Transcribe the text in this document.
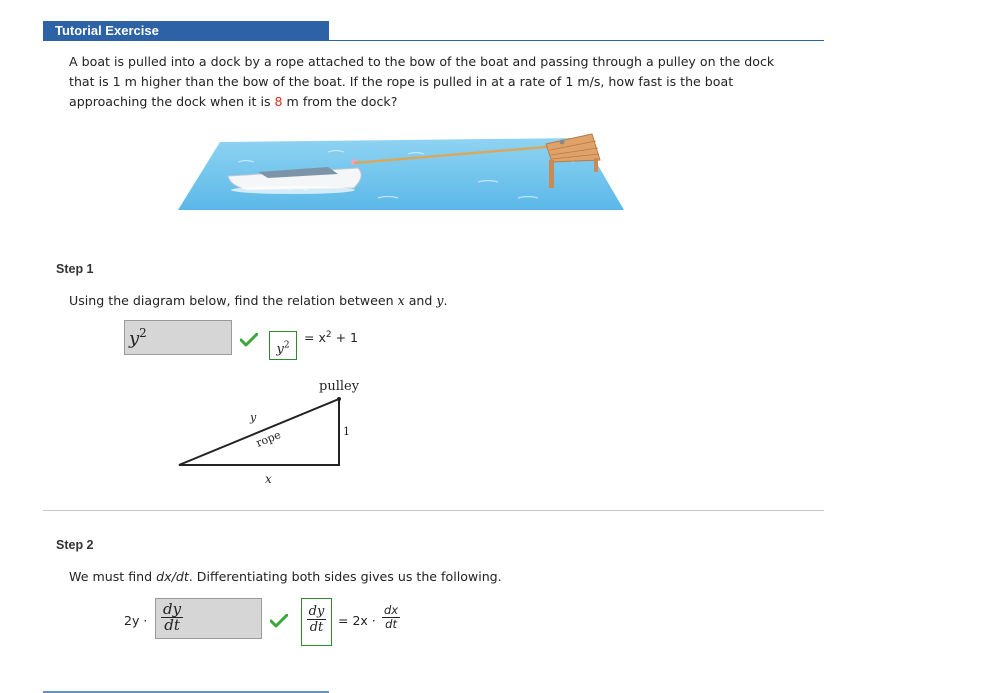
Tutorial Exercise
A boat is pulled into a dock by a rope attached to the bow of the boat and passing through a pulley on the dock that is 1 m higher than the bow of the boat. If the rope is pulled in at a rate of 1 m/s, how fast is the boat approaching the dock when it is 8 m from the dock?
Step 1
Using the diagram below, find the relation between x and y.
$y^2$
$y^2$
= $x^2 + 1$
pulley
1
y
rope
x
Step 2
We must find dx/dt. Differentiating both sides gives us the following.
$2y \cdot \frac{dy}{dt}$	dy
dt = $2x \cdot \frac{dx}{dt}$
